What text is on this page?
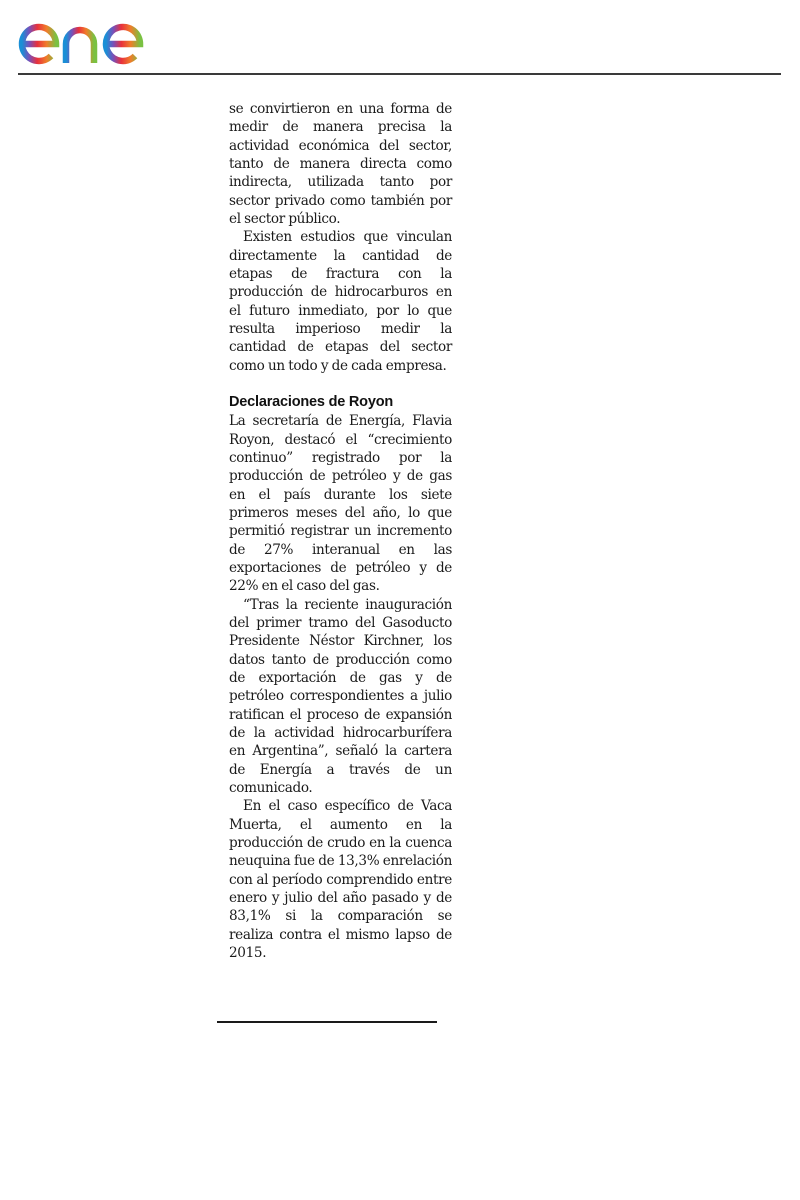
se convirtieron en una forma de medir de manera precisa la actividad económica del sector, tanto de manera directa como indirecta, utilizada tanto por sector privado como también por el sector público.

Existen estudios que vinculan directamente la cantidad de etapas de fractura con la producción de hidrocarburos en el futuro inmediato, por lo que resulta imperioso medir la cantidad de etapas del sector como un todo y de cada empresa.

Declaraciones de Royon

La secretaría de Energía, Flavia Royon, destacó el “crecimiento continuo” registrado por la producción de petróleo y de gas en el país durante los siete primeros meses del año, lo que permitió registrar un incremento de 27% interanual en las exportaciones de petróleo y de 22% en el caso del gas.

“Tras la reciente inauguración del primer tramo del Gasoducto Presidente Néstor Kirchner, los datos tanto de producción como de exportación de gas y de petróleo correspondientes a julio ratifican el proceso de expansión de la actividad hidrocarburífera en Argentina”, señaló la cartera de Energía a través de un comunicado.

En el caso específico de Vaca Muerta, el aumento en la producción de crudo en la cuenca neuquina fue de 13,3% enrelación con al período comprendido entre enero y julio del año pasado y de 83,1% si la comparación se realiza contra el mismo lapso de 2015.
